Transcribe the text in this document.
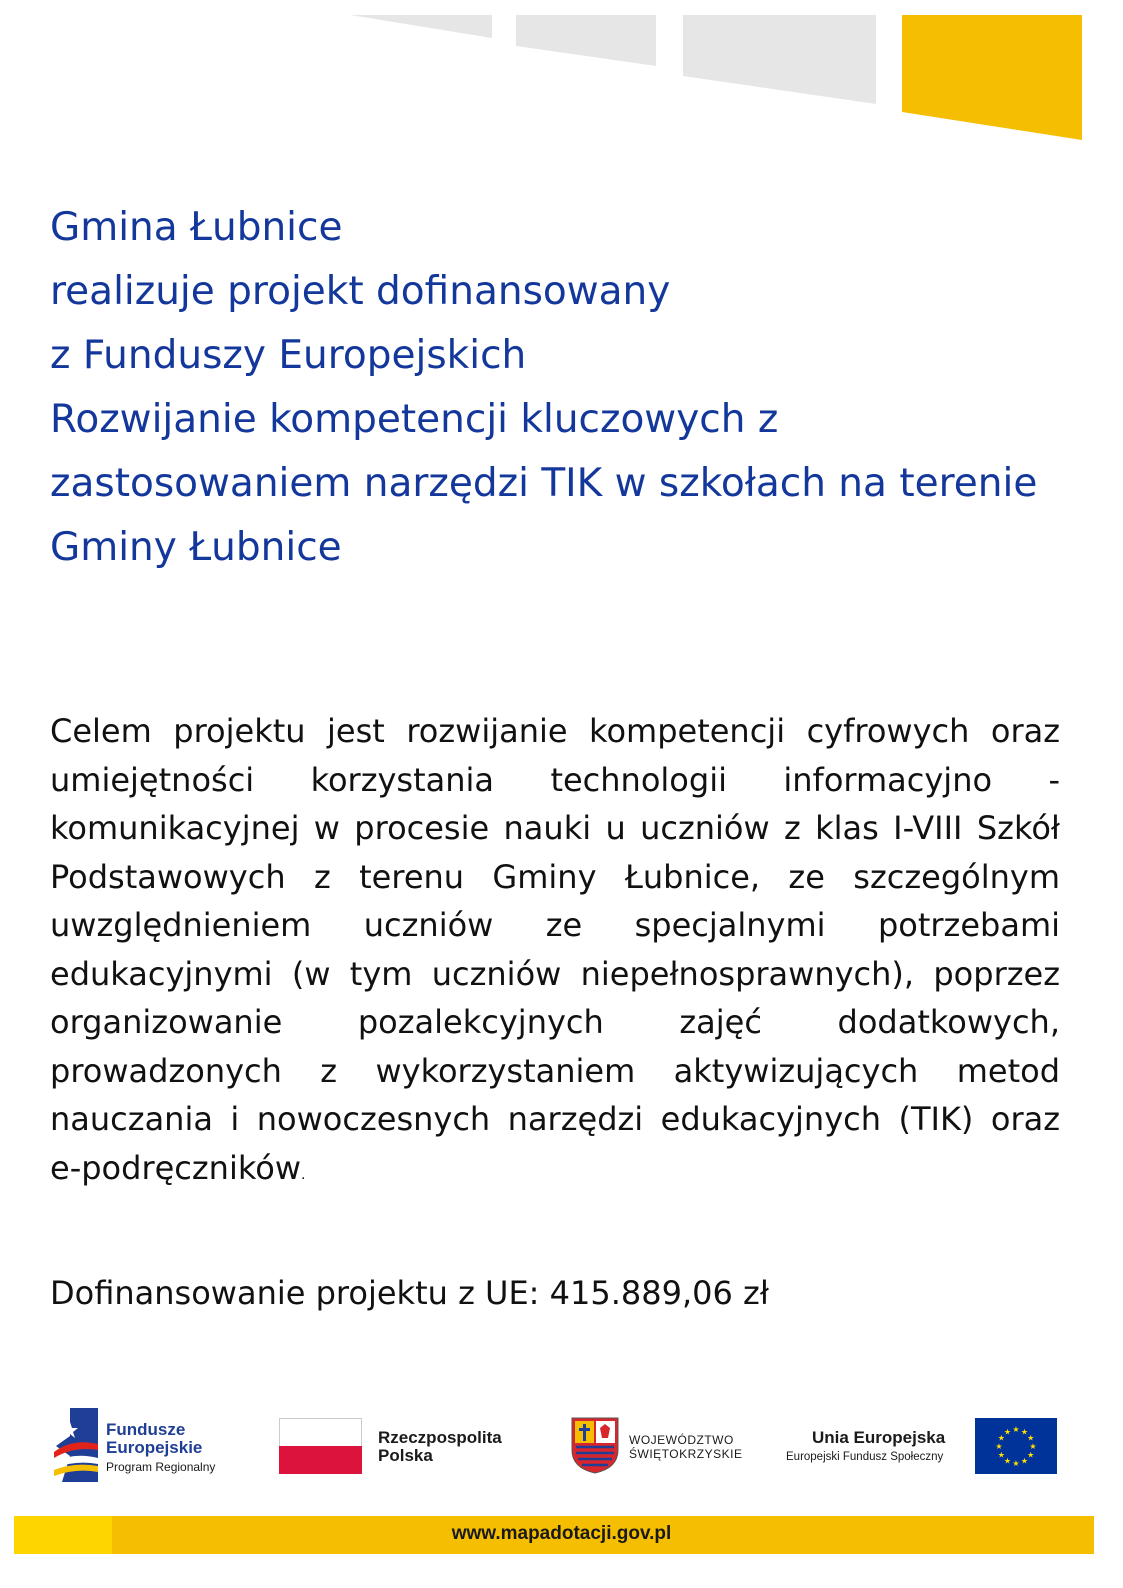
Gmina Łubnice
realizuje projekt dofinansowany
z Funduszy Europejskich
Rozwijanie kompetencji kluczowych z
zastosowaniem narzędzi TIK w szkołach na terenie
Gminy Łubnice

Celem projektu jest rozwijanie kompetencji cyfrowych oraz umiejętności korzystania technologii informacyjno - komunikacyjnej w procesie nauki u uczniów z klas I-VIII Szkół Podstawowych z terenu Gminy Łubnice, ze szczególnym uwzględnieniem uczniów ze specjalnymi potrzebami edukacyjnymi (w tym uczniów niepełnosprawnych), poprzez organizowanie pozalekcyjnych zajęć dodatkowych, prowadzonych z wykorzystaniem aktywizujących metod nauczania i nowoczesnych narzędzi edukacyjnych (TIK) oraz e-podręczników.

Dofinansowanie projektu z UE: 415.889,06 zł
Fundusze
Europejskie
Program Regionalny
Rzeczpospolita
Polska
WOJEWÓDZTWO
ŚWIĘTOKRZYSKIE
Unia Europejska
Europejski Fundusz Społeczny
★ ★
★
★
★
★
★
★
★
★
★
★
www.mapadotacji.gov.pl
